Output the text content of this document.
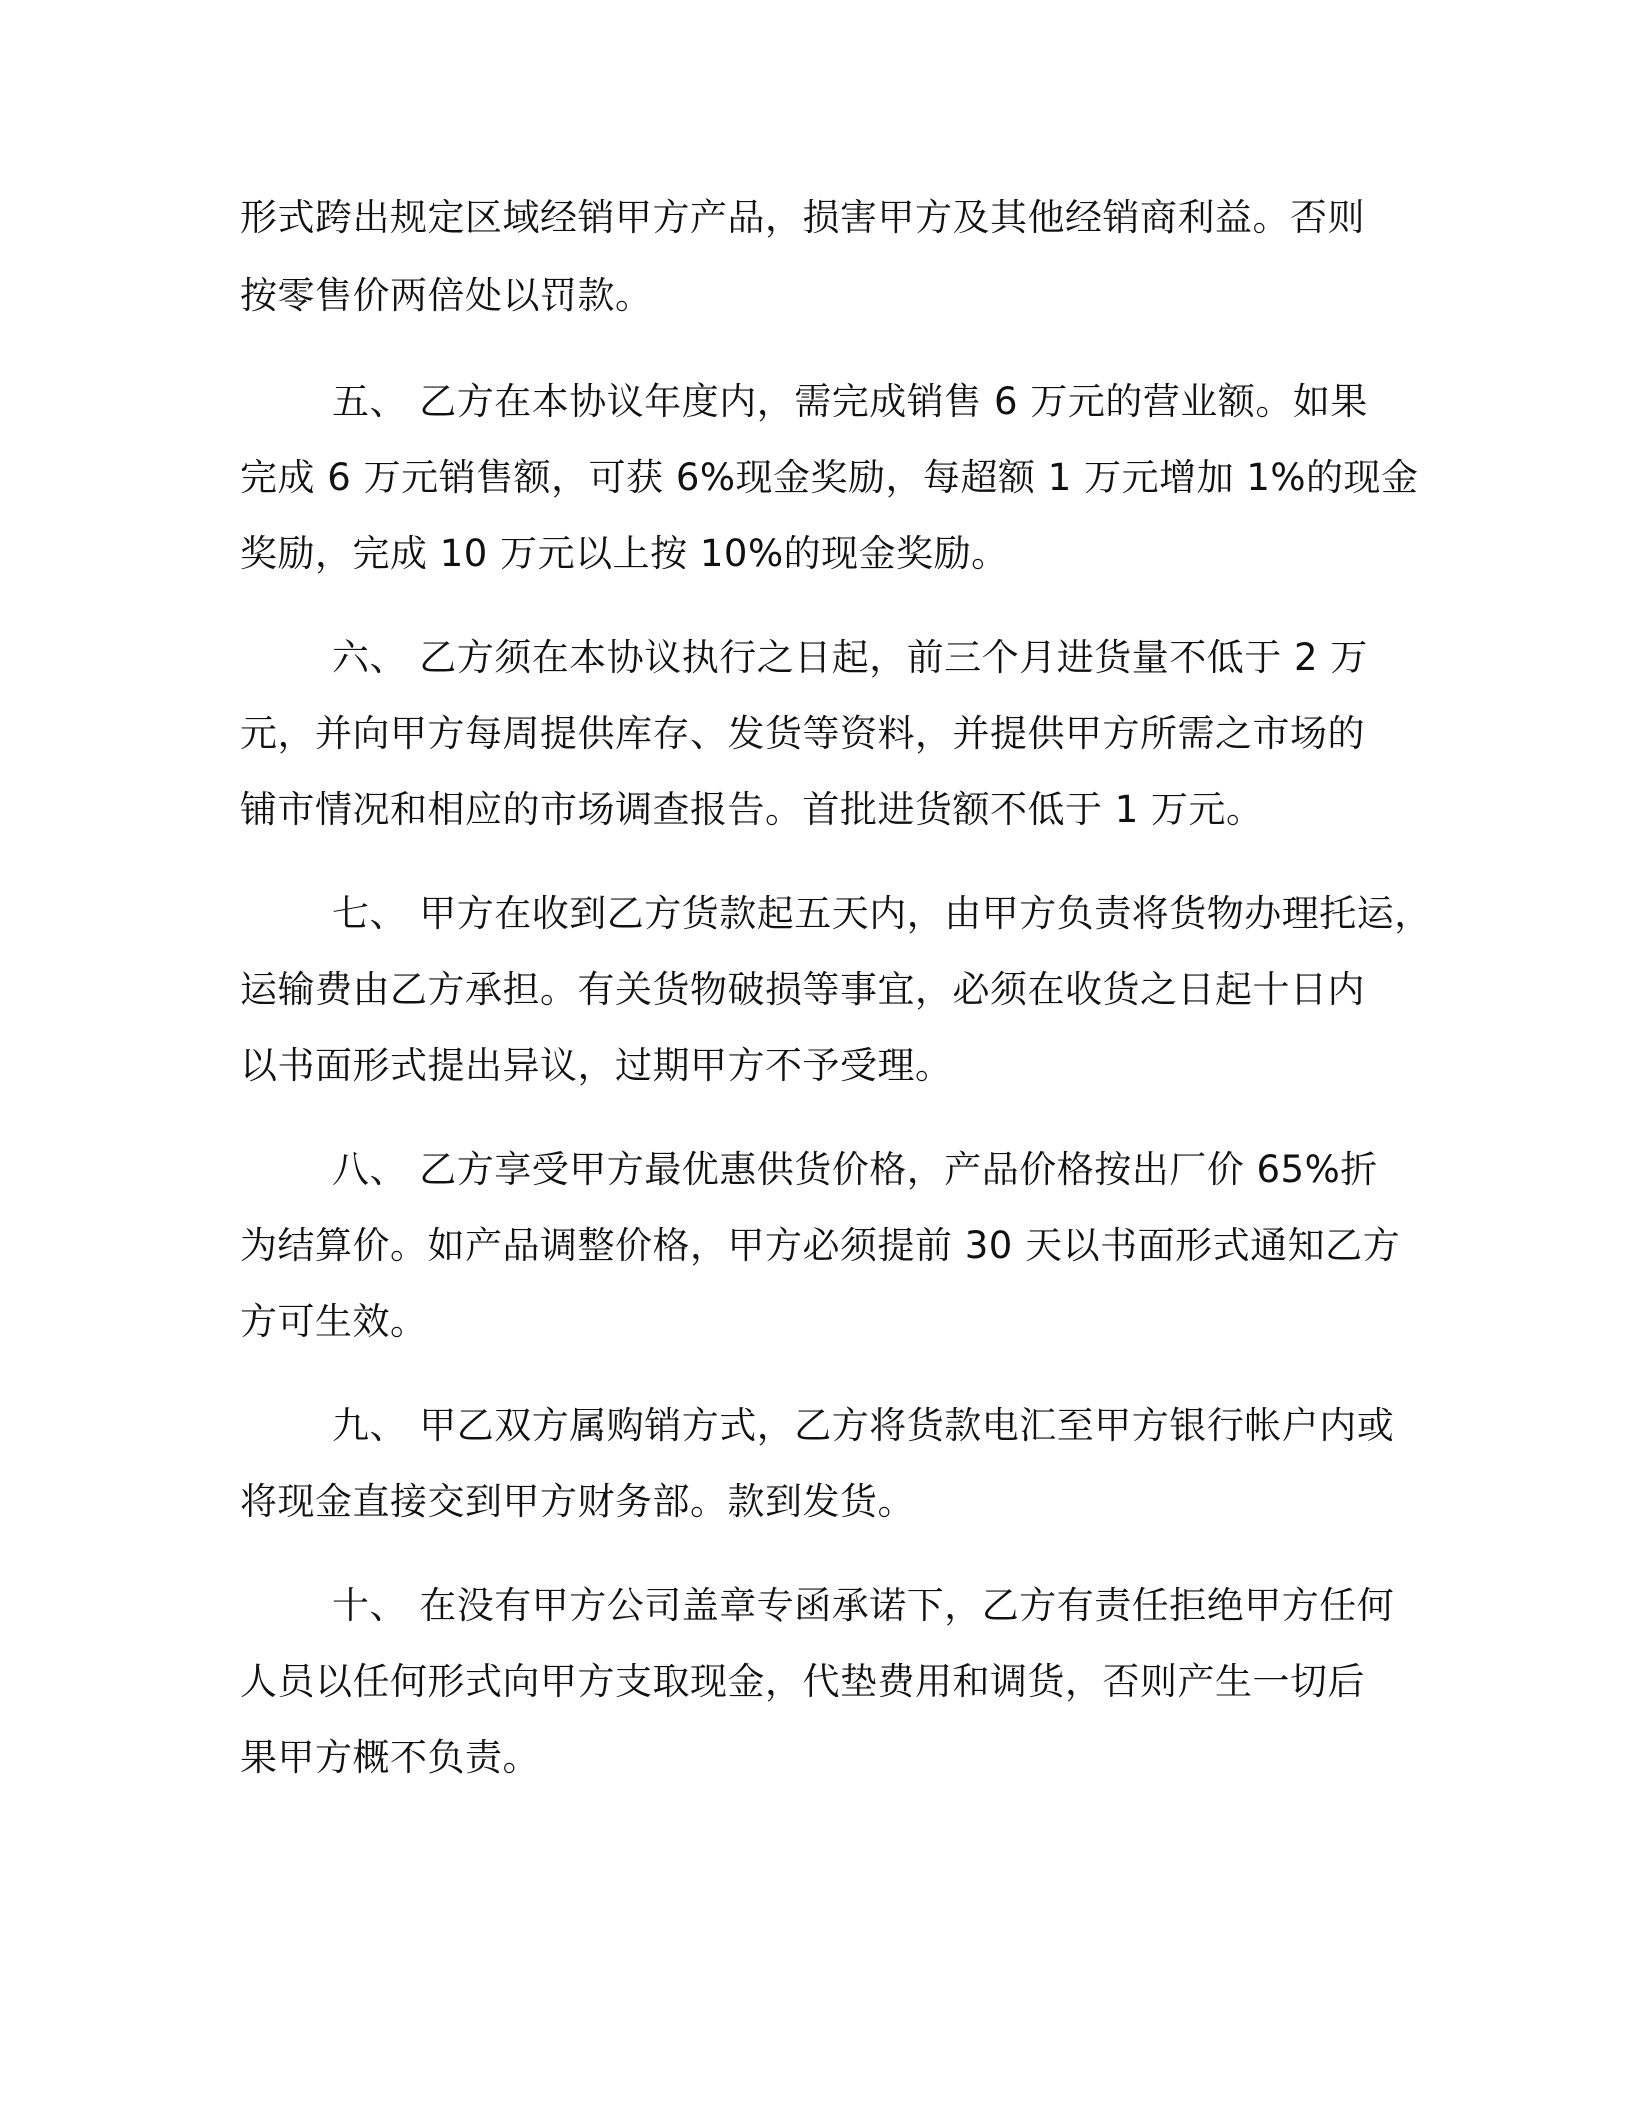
形式跨出规定区域经销甲方产品，损害甲方及其他经销商利益。否则
按零售价两倍处以罚款。
五、 乙方在本协议年度内，需完成销售 6 万元的营业额。如果
完成 6 万元销售额，可获 6%现金奖励，每超额 1 万元增加 1%的现金
奖励，完成 10 万元以上按 10%的现金奖励。
六、 乙方须在本协议执行之日起，前三个月进货量不低于 2 万
元，并向甲方每周提供库存、发货等资料，并提供甲方所需之市场的
铺市情况和相应的市场调查报告。首批进货额不低于 1 万元。
七、 甲方在收到乙方货款起五天内，由甲方负责将货物办理托运，
运输费由乙方承担。有关货物破损等事宜，必须在收货之日起十日内
以书面形式提出异议，过期甲方不予受理。
八、 乙方享受甲方最优惠供货价格，产品价格按出厂价 65%折
为结算价。如产品调整价格，甲方必须提前 30 天以书面形式通知乙方
方可生效。
九、 甲乙双方属购销方式，乙方将货款电汇至甲方银行帐户内或
将现金直接交到甲方财务部。款到发货。
十、 在没有甲方公司盖章专函承诺下，乙方有责任拒绝甲方任何
人员以任何形式向甲方支取现金，代垫费用和调货，否则产生一切后
果甲方概不负责。
